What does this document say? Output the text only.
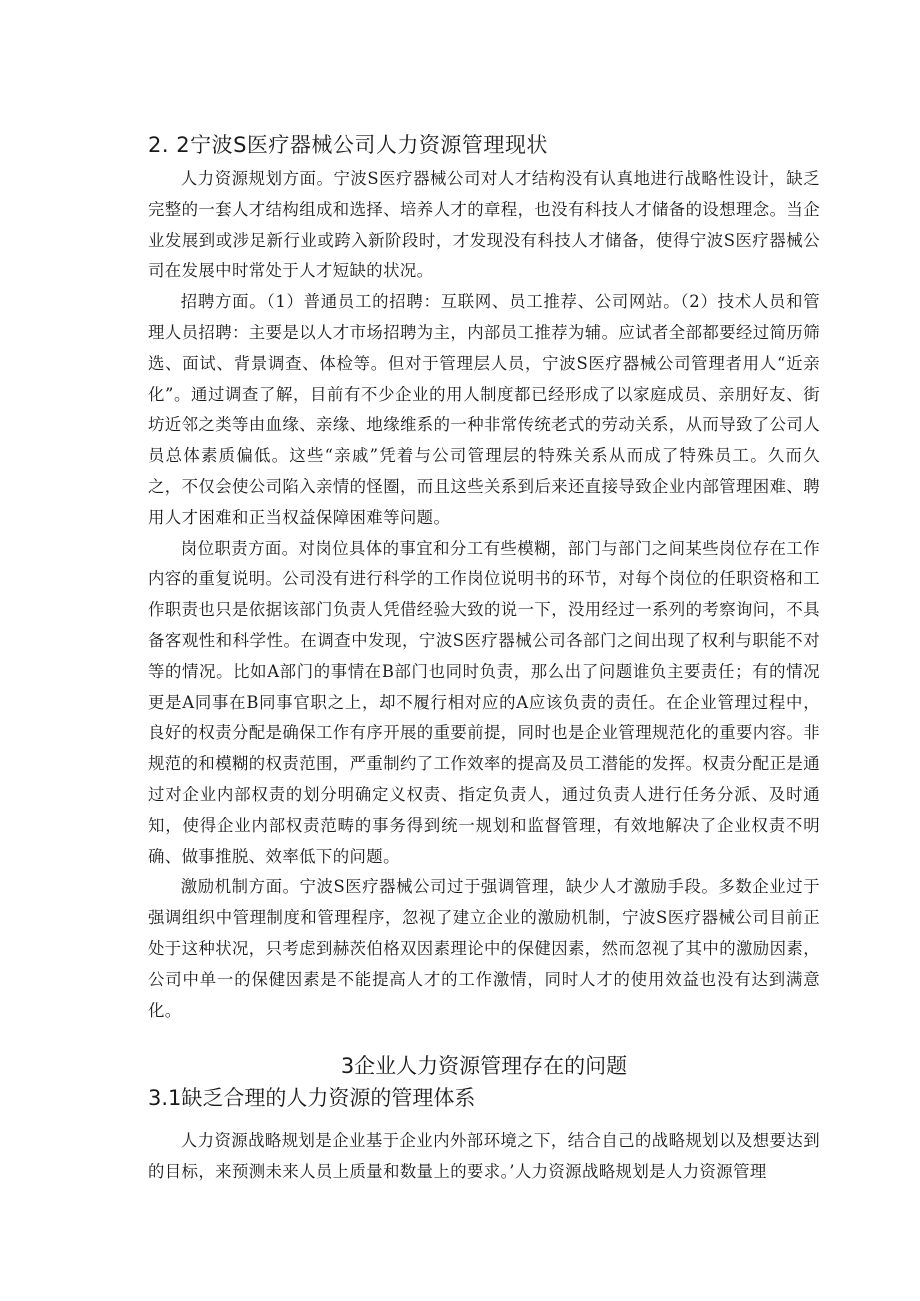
2. 2宁波S医疗器械公司人力资源管理现状

人力资源规划方面。宁波S医疗器械公司对人才结构没有认真地进行战略性设计，缺乏完整的一套人才结构组成和选择、培养人才的章程，也没有科技人才储备的设想理念。当企业发展到或涉足新行业或跨入新阶段时，才发现没有科技人才储备，使得宁波S医疗器械公司在发展中时常处于人才短缺的状况。

招聘方面。（1）普通员工的招聘：互联网、员工推荐、公司网站。（2）技术人员和管理人员招聘：主要是以人才市场招聘为主，内部员工推荐为辅。应试者全部都要经过简历筛选、面试、背景调查、体检等。但对于管理层人员，宁波S医疗器械公司管理者用人“近亲化”。通过调查了解，目前有不少企业的用人制度都已经形成了以家庭成员、亲朋好友、街坊近邻之类等由血缘、亲缘、地缘维系的一种非常传统老式的劳动关系，从而导致了公司人员总体素质偏低。这些“亲戚”凭着与公司管理层的特殊关系从而成了特殊员工。久而久之，不仅会使公司陷入亲情的怪圈，而且这些关系到后来还直接导致企业内部管理困难、聘用人才困难和正当权益保障困难等问题。

岗位职责方面。对岗位具体的事宜和分工有些模糊，部门与部门之间某些岗位存在工作内容的重复说明。公司没有进行科学的工作岗位说明书的环节，对每个岗位的任职资格和工作职责也只是依据该部门负责人凭借经验大致的说一下，没用经过一系列的考察询问，不具备客观性和科学性。在调查中发现，宁波S医疗器械公司各部门之间出现了权利与职能不对等的情况。比如A部门的事情在B部门也同时负责，那么出了问题谁负主要责任；有的情况更是A同事在B同事官职之上，却不履行相对应的A应该负责的责任。在企业管理过程中，良好的权责分配是确保工作有序开展的重要前提，同时也是企业管理规范化的重要内容。非规范的和模糊的权责范围，严重制约了工作效率的提高及员工潜能的发挥。权责分配正是通过对企业内部权责的划分明确定义权责、指定负责人，通过负责人进行任务分派、及时通知，使得企业内部权责范畴的事务得到统一规划和监督管理，有效地解决了企业权责不明确、做事推脱、效率低下的问题。

激励机制方面。宁波S医疗器械公司过于强调管理，缺少人才激励手段。多数企业过于强调组织中管理制度和管理程序，忽视了建立企业的激励机制，宁波S医疗器械公司目前正处于这种状况，只考虑到赫茨伯格双因素理论中的保健因素，然而忽视了其中的激励因素，公司中单一的保健因素是不能提高人才的工作激情，同时人才的使用效益也没有达到满意化。

3企业人力资源管理存在的问题
3.1缺乏合理的人力资源的管理体系

人力资源战略规划是企业基于企业内外部环境之下，结合自己的战略规划以及想要达到的目标，来预测未来人员上质量和数量上的要求。’人力资源战略规划是人力资源管理
